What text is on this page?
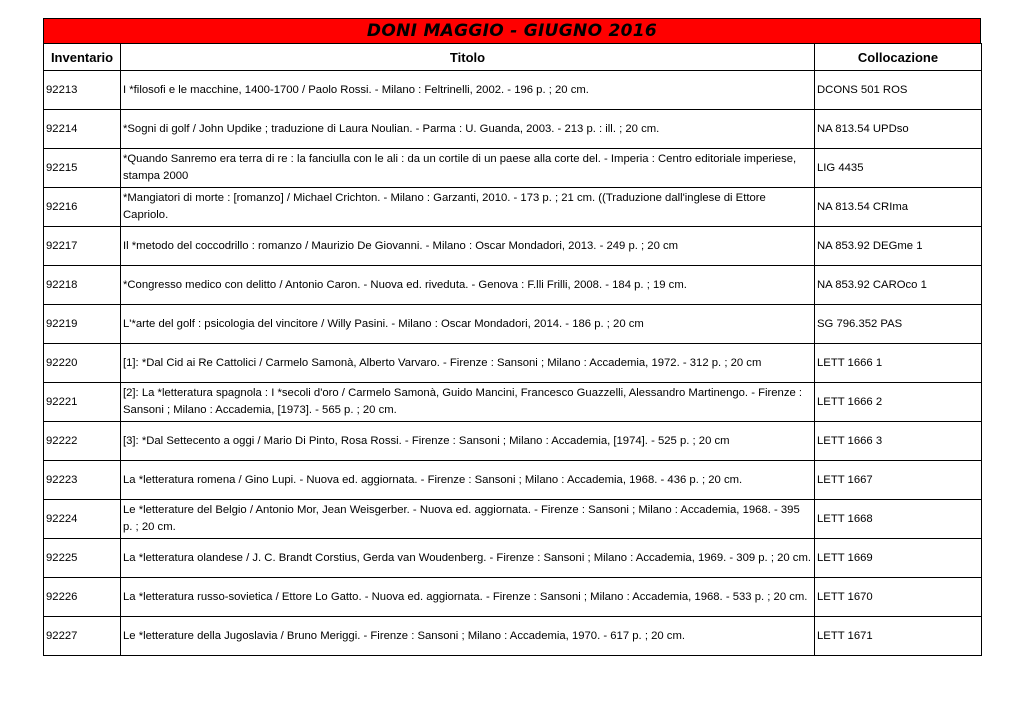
DONI MAGGIO - GIUGNO 2016
Inventario	Titolo	Collocazione
92213	I *filosofi e le macchine, 1400-1700 / Paolo Rossi. - Milano : Feltrinelli, 2002. - 196 p. ; 20 cm.	DCONS 501 ROS
92214	*Sogni di golf / John Updike ; traduzione di Laura Noulian. - Parma : U. Guanda, 2003. - 213 p. : ill. ; 20 cm.	NA 813.54 UPDso
92215	*Quando Sanremo era terra di re : la fanciulla con le ali : da un cortile di un paese alla corte del. - Imperia : Centro editoriale imperiese, stampa 2000	LIG 4435
92216	*Mangiatori di morte : [romanzo] / Michael Crichton. - Milano : Garzanti, 2010. - 173 p. ; 21 cm. ((Traduzione dall'inglese di Ettore Capriolo.	NA 813.54 CRIma
92217	Il *metodo del coccodrillo : romanzo / Maurizio De Giovanni. - Milano : Oscar Mondadori, 2013. - 249 p. ; 20 cm	NA 853.92 DEGme 1
92218	*Congresso medico con delitto / Antonio Caron. - Nuova ed. riveduta. - Genova : F.lli Frilli, 2008. - 184 p. ; 19 cm.	NA 853.92 CAROco 1
92219	L'*arte del golf : psicologia del vincitore / Willy Pasini. - Milano : Oscar Mondadori, 2014. - 186 p. ; 20 cm	SG 796.352 PAS
92220	[1]: *Dal Cid ai Re Cattolici / Carmelo Samonà, Alberto Varvaro. - Firenze : Sansoni ; Milano : Accademia, 1972. - 312 p. ; 20 cm	LETT 1666 1
92221	[2]: La *letteratura spagnola : I *secoli d'oro / Carmelo Samonà, Guido Mancini, Francesco Guazzelli, Alessandro Martinengo. - Firenze : Sansoni ; Milano : Accademia, [1973]. - 565 p. ; 20 cm.	LETT 1666 2
92222	[3]: *Dal Settecento a oggi / Mario Di Pinto, Rosa Rossi. - Firenze : Sansoni ; Milano : Accademia, [1974]. - 525 p. ; 20 cm	LETT 1666 3
92223	La *letteratura romena / Gino Lupi. - Nuova ed. aggiornata. - Firenze : Sansoni ; Milano : Accademia, 1968. - 436 p. ; 20 cm.	LETT 1667
92224	Le *letterature del Belgio / Antonio Mor, Jean Weisgerber. - Nuova ed. aggiornata. - Firenze : Sansoni ; Milano : Accademia, 1968. - 395 p. ; 20 cm.	LETT 1668
92225	La *letteratura olandese / J. C. Brandt Corstius, Gerda van Woudenberg. - Firenze : Sansoni ; Milano : Accademia, 1969. - 309 p. ; 20 cm.	LETT 1669
92226	La *letteratura russo-sovietica / Ettore Lo Gatto. - Nuova ed. aggiornata. - Firenze : Sansoni ; Milano : Accademia, 1968. - 533 p. ; 20 cm.	LETT 1670
92227	Le *letterature della Jugoslavia / Bruno Meriggi. - Firenze : Sansoni ; Milano : Accademia, 1970. - 617 p. ; 20 cm.	LETT 1671
